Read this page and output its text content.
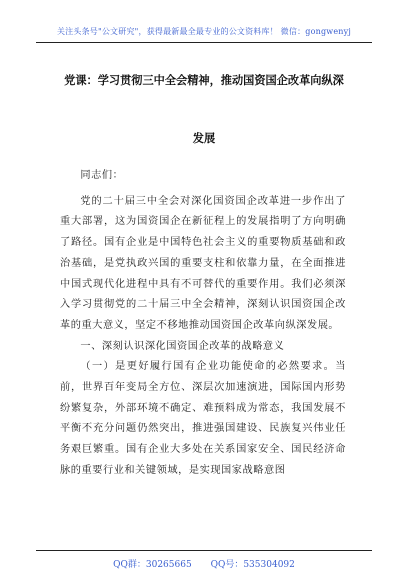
关注头条号"公文研究"，获得最新最全最专业的公文资料库！ 微信：gongwenyj
党课：学习贯彻三中全会精神，推动国资国企改革向纵深
发展

同志们：

党的二十届三中全会对深化国资国企改革进一步作出了重大部署，这为国资国企在新征程上的发展指明了方向明确了路径。国有企业是中国特色社会主义的重要物质基础和政治基础，是党执政兴国的重要支柱和依靠力量，在全面推进中国式现代化进程中具有不可替代的重要作用。我们必须深入学习贯彻党的二十届三中全会精神，深刻认识国资国企改革的重大意义，坚定不移地推动国资国企改革向纵深发展。

一、深刻认识深化国资国企改革的战略意义

（一）是更好履行国有企业功能使命的必然要求。当前，世界百年变局全方位、深层次加速演进，国际国内形势纷繁复杂，外部环境不确定、难预料成为常态，我国发展不平衡不充分问题仍然突出，推进强国建设、民族复兴伟业任务艰巨繁重。国有企业大多处在关系国家安全、国民经济命脉的重要行业和关键领域，是实现国家战略意图

QQ群：30265665 QQ号：535304092
